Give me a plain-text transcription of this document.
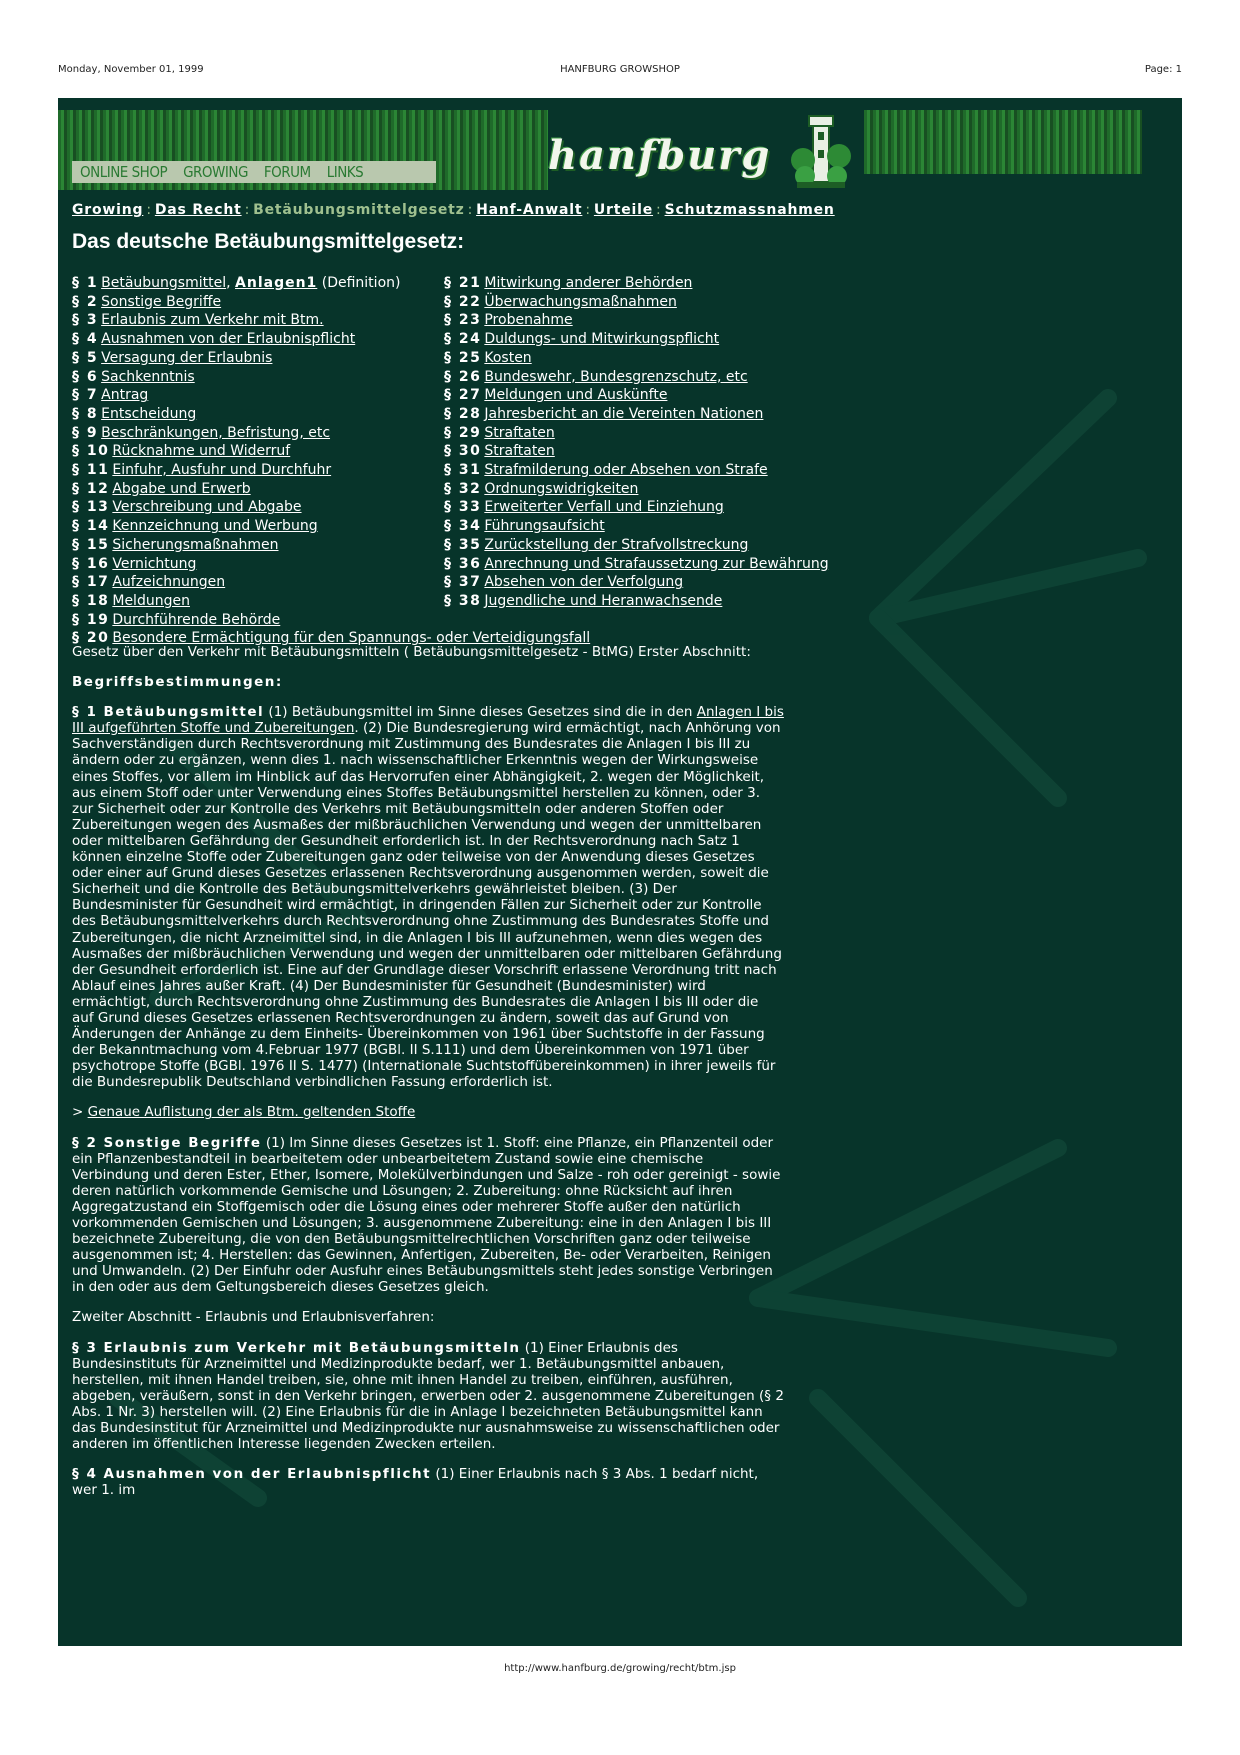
Monday, November 01, 1999	HANFBURG GROWSHOP	Page: 1
ONLINE SHOP	GROWING	FORUM	LINKS	hanfburg
Growing : Das Recht : Betäubungsmittelgesetz : Hanf-Anwalt : Urteile : Schutzmassnahmen
Das deutsche Betäubungsmittelgesetz:
§ 1 Betäubungsmittel, Anlagen1 (Definition)
§ 2 Sonstige Begriffe
§ 3 Erlaubnis zum Verkehr mit Btm.
§ 4 Ausnahmen von der Erlaubnispflicht
§ 5 Versagung der Erlaubnis
§ 6 Sachkenntnis
§ 7 Antrag
§ 8 Entscheidung
§ 9 Beschränkungen, Befristung, etc
§ 10 Rücknahme und Widerruf
§ 11 Einfuhr, Ausfuhr und Durchfuhr
§ 12 Abgabe und Erwerb
§ 13 Verschreibung und Abgabe
§ 14 Kennzeichnung und Werbung
§ 15 Sicherungsmaßnahmen
§ 16 Vernichtung
§ 17 Aufzeichnungen
§ 18 Meldungen
§ 19 Durchführende Behörde
§ 20 Besondere Ermächtigung für den Spannungs- oder Verteidigungsfall
§ 21 Mitwirkung anderer Behörden
§ 22 Überwachungsmaßnahmen
§ 23 Probenahme
§ 24 Duldungs- und Mitwirkungspflicht
§ 25 Kosten
§ 26 Bundeswehr, Bundesgrenzschutz, etc
§ 27 Meldungen und Auskünfte
§ 28 Jahresbericht an die Vereinten Nationen
§ 29 Straftaten
§ 30 Straftaten
§ 31 Strafmilderung oder Absehen von Strafe
§ 32 Ordnungswidrigkeiten
§ 33 Erweiterter Verfall und Einziehung
§ 34 Führungsaufsicht
§ 35 Zurückstellung der Strafvollstreckung
§ 36 Anrechnung und Strafaussetzung zur Bewährung
§ 37 Absehen von der Verfolgung
§ 38 Jugendliche und Heranwachsende

Gesetz über den Verkehr mit Betäubungsmitteln ( Betäubungsmittelgesetz - BtMG) Erster Abschnitt:

Begriffsbestimmungen:

§ 1 Betäubungsmittel (1) Betäubungsmittel im Sinne dieses Gesetzes sind die in den Anlagen I bis III aufgeführten Stoffe und Zubereitungen. (2) Die Bundesregierung wird ermächtigt, nach Anhörung von Sachverständigen durch Rechtsverordnung mit Zustimmung des Bundesrates die Anlagen I bis III zu ändern oder zu ergänzen, wenn dies 1. nach wissenschaftlicher Erkenntnis wegen der Wirkungsweise eines Stoffes, vor allem im Hinblick auf das Hervorrufen einer Abhängigkeit, 2. wegen der Möglichkeit, aus einem Stoff oder unter Verwendung eines Stoffes Betäubungsmittel herstellen zu können, oder 3. zur Sicherheit oder zur Kontrolle des Verkehrs mit Betäubungsmitteln oder anderen Stoffen oder Zubereitungen wegen des Ausmaßes der mißbräuchlichen Verwendung und wegen der unmittelbaren oder mittelbaren Gefährdung der Gesundheit erforderlich ist. In der Rechtsverordnung nach Satz 1 können einzelne Stoffe oder Zubereitungen ganz oder teilweise von der Anwendung dieses Gesetzes oder einer auf Grund dieses Gesetzes erlassenen Rechtsverordnung ausgenommen werden, soweit die Sicherheit und die Kontrolle des Betäubungsmittelverkehrs gewährleistet bleiben. (3) Der Bundesminister für Gesundheit wird ermächtigt, in dringenden Fällen zur Sicherheit oder zur Kontrolle des Betäubungsmittelverkehrs durch Rechtsverordnung ohne Zustimmung des Bundesrates Stoffe und Zubereitungen, die nicht Arzneimittel sind, in die Anlagen I bis III aufzunehmen, wenn dies wegen des Ausmaßes der mißbräuchlichen Verwendung und wegen der unmittelbaren oder mittelbaren Gefährdung der Gesundheit erforderlich ist. Eine auf der Grundlage dieser Vorschrift erlassene Verordnung tritt nach Ablauf eines Jahres außer Kraft. (4) Der Bundesminister für Gesundheit (Bundesminister) wird ermächtigt, durch Rechtsverordnung ohne Zustimmung des Bundesrates die Anlagen I bis III oder die auf Grund dieses Gesetzes erlassenen Rechtsverordnungen zu ändern, soweit das auf Grund von Änderungen der Anhänge zu dem Einheits- Übereinkommen von 1961 über Suchtstoffe in der Fassung der Bekanntmachung vom 4.Februar 1977 (BGBl. II S.111) und dem Übereinkommen von 1971 über psychotrope Stoffe (BGBl. 1976 II S. 1477) (Internationale Suchtstoffübereinkommen) in ihrer jeweils für die Bundesrepublik Deutschland verbindlichen Fassung erforderlich ist.

> Genaue Auflistung der als Btm. geltenden Stoffe

§ 2 Sonstige Begriffe (1) Im Sinne dieses Gesetzes ist 1. Stoff: eine Pflanze, ein Pflanzenteil oder ein Pflanzenbestandteil in bearbeitetem oder unbearbeitetem Zustand sowie eine chemische Verbindung und deren Ester, Ether, Isomere, Molekülverbindungen und Salze - roh oder gereinigt - sowie deren natürlich vorkommende Gemische und Lösungen; 2. Zubereitung: ohne Rücksicht auf ihren Aggregatzustand ein Stoffgemisch oder die Lösung eines oder mehrerer Stoffe außer den natürlich vorkommenden Gemischen und Lösungen; 3. ausgenommene Zubereitung: eine in den Anlagen I bis III bezeichnete Zubereitung, die von den Betäubungsmittelrechtlichen Vorschriften ganz oder teilweise ausgenommen ist; 4. Herstellen: das Gewinnen, Anfertigen, Zubereiten, Be- oder Verarbeiten, Reinigen und Umwandeln. (2) Der Einfuhr oder Ausfuhr eines Betäubungsmittels steht jedes sonstige Verbringen in den oder aus dem Geltungsbereich dieses Gesetzes gleich.

Zweiter Abschnitt - Erlaubnis und Erlaubnisverfahren:

§ 3 Erlaubnis zum Verkehr mit Betäubungsmitteln (1) Einer Erlaubnis des Bundesinstituts für Arzneimittel und Medizinprodukte bedarf, wer 1. Betäubungsmittel anbauen, herstellen, mit ihnen Handel treiben, sie, ohne mit ihnen Handel zu treiben, einführen, ausführen, abgeben, veräußern, sonst in den Verkehr bringen, erwerben oder 2. ausgenommene Zubereitungen (§ 2 Abs. 1 Nr. 3) herstellen will. (2) Eine Erlaubnis für die in Anlage I bezeichneten Betäubungsmittel kann das Bundesinstitut für Arzneimittel und Medizinprodukte nur ausnahmsweise zu wissenschaftlichen oder anderen im öffentlichen Interesse liegenden Zwecken erteilen.

§ 4 Ausnahmen von der Erlaubnispflicht (1) Einer Erlaubnis nach § 3 Abs. 1 bedarf nicht, wer 1. im

http://www.hanfburg.de/growing/recht/btm.jsp
